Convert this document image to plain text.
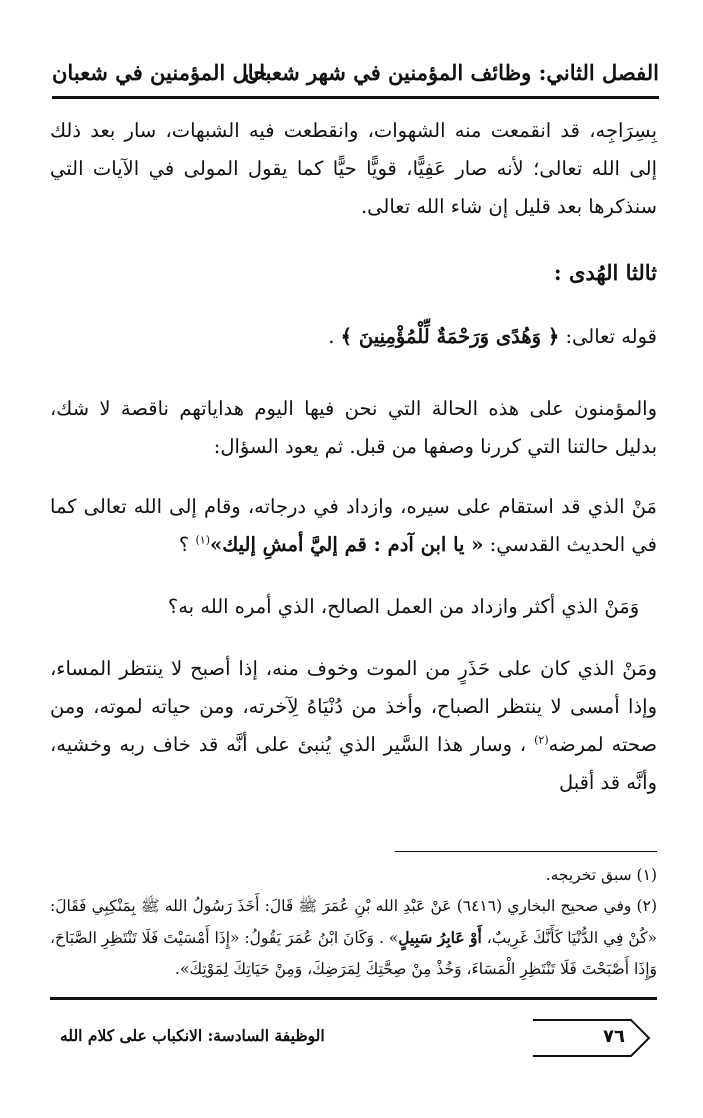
الفصل الثاني: وظائف المؤمنين في شهر شعبان
حال المؤمنين في شعبان

بِسِرَاجِه، قد انقمعت منه الشهوات، وانقطعت فيه الشبهات، سار بعد ذلك إلى الله تعالى؛ لأنه صار عَفِيًّا، قويًّا حيًّا كما يقول المولى في الآيات التي سنذكرها بعد قليل إن شاء الله تعالى.

ثالثا الهُدى :

قوله تعالى: ﴿ وَهُدًى وَرَحْمَةٌ لِّلْمُؤْمِنِينَ ﴾ .

والمؤمنون على هذه الحالة التي نحن فيها اليوم هداياتهم ناقصة لا شك، بدليل حالتنا التي كررنا وصفها من قبل. ثم يعود السؤال:

مَنْ الذي قد استقام على سيره، وازداد في درجاته، وقام إلى الله تعالى كما في الحديث القدسي: « يا ابن آدم : قم إليَّ أمشِ إليك»$^{(١)}$ ؟

وَمَنْ الذي أكثر وازداد من العمل الصالح، الذي أمره الله به؟

ومَنْ الذي كان على حَذَرٍ من الموت وخوف منه، إذا أصبح لا ينتظر المساء، وإذا أمسى لا ينتظر الصباح، وأخذ من دُنْيَاهُ لِآخرته، ومن حياته لموته، ومن صحته لمرضه$^{(٢)}$ ، وسار هذا السَّير الذي يُنبئ على أنَّه قد خاف ربه وخشيه، وأنَّه قد أقبل

(١) سبق تخريجه.

(٢) وفي صحيح البخاري (٦٤١٦) عَنْ عَبْدِ الله بْنِ عُمَرَ ﷺ قَالَ: أَخَذَ رَسُولُ الله ﷺ بِمَنْكِبِي فَقَالَ: «كُنْ فِي الدُّنْيَا كَأَنَّكَ غَرِيبٌ، أَوْ عَابِرُ سَبِيلٍ» . وَكَانَ ابْنُ عُمَرَ يَقُولُ: «إِذَا أَمْسَيْتَ فَلَا تَنْتَظِرِ الصَّبَاحَ، وَإِذَا أَصْبَحْتَ فَلَا تَنْتَظِرِ الْمَسَاءَ، وَخُذْ مِنْ صِحَّتِكَ لِمَرَضِكَ، وَمِنْ حَيَاتِكَ لِمَوْتِكَ».

٧٦
الوظيفة السادسة: الانكباب على كلام الله
